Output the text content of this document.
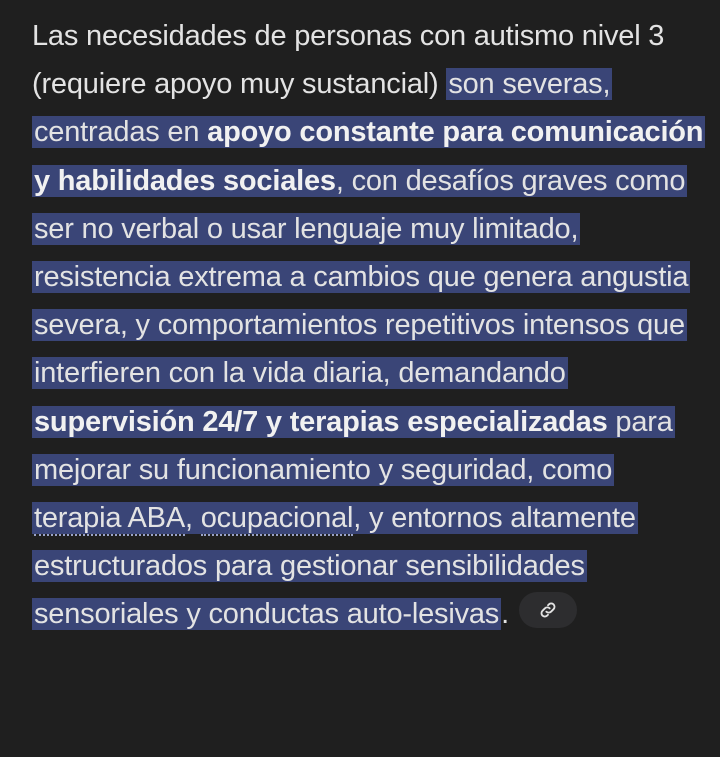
Las necesidades de personas con autismo nivel 3 (requiere apoyo muy sustancial) son severas, centradas en apoyo constante para comunicación y habilidades sociales, con desafíos graves como ser no verbal o usar lenguaje muy limitado, resistencia extrema a cambios que genera angustia severa, y comportamientos repetitivos intensos que interfieren con la vida diaria, demandando supervisión 24/7 y terapias especializadas para mejorar su funcionamiento y seguridad, como terapia ABA, ocupacional, y entornos altamente estructurados para gestionar sensibilidades sensoriales y conductas auto-lesivas.
